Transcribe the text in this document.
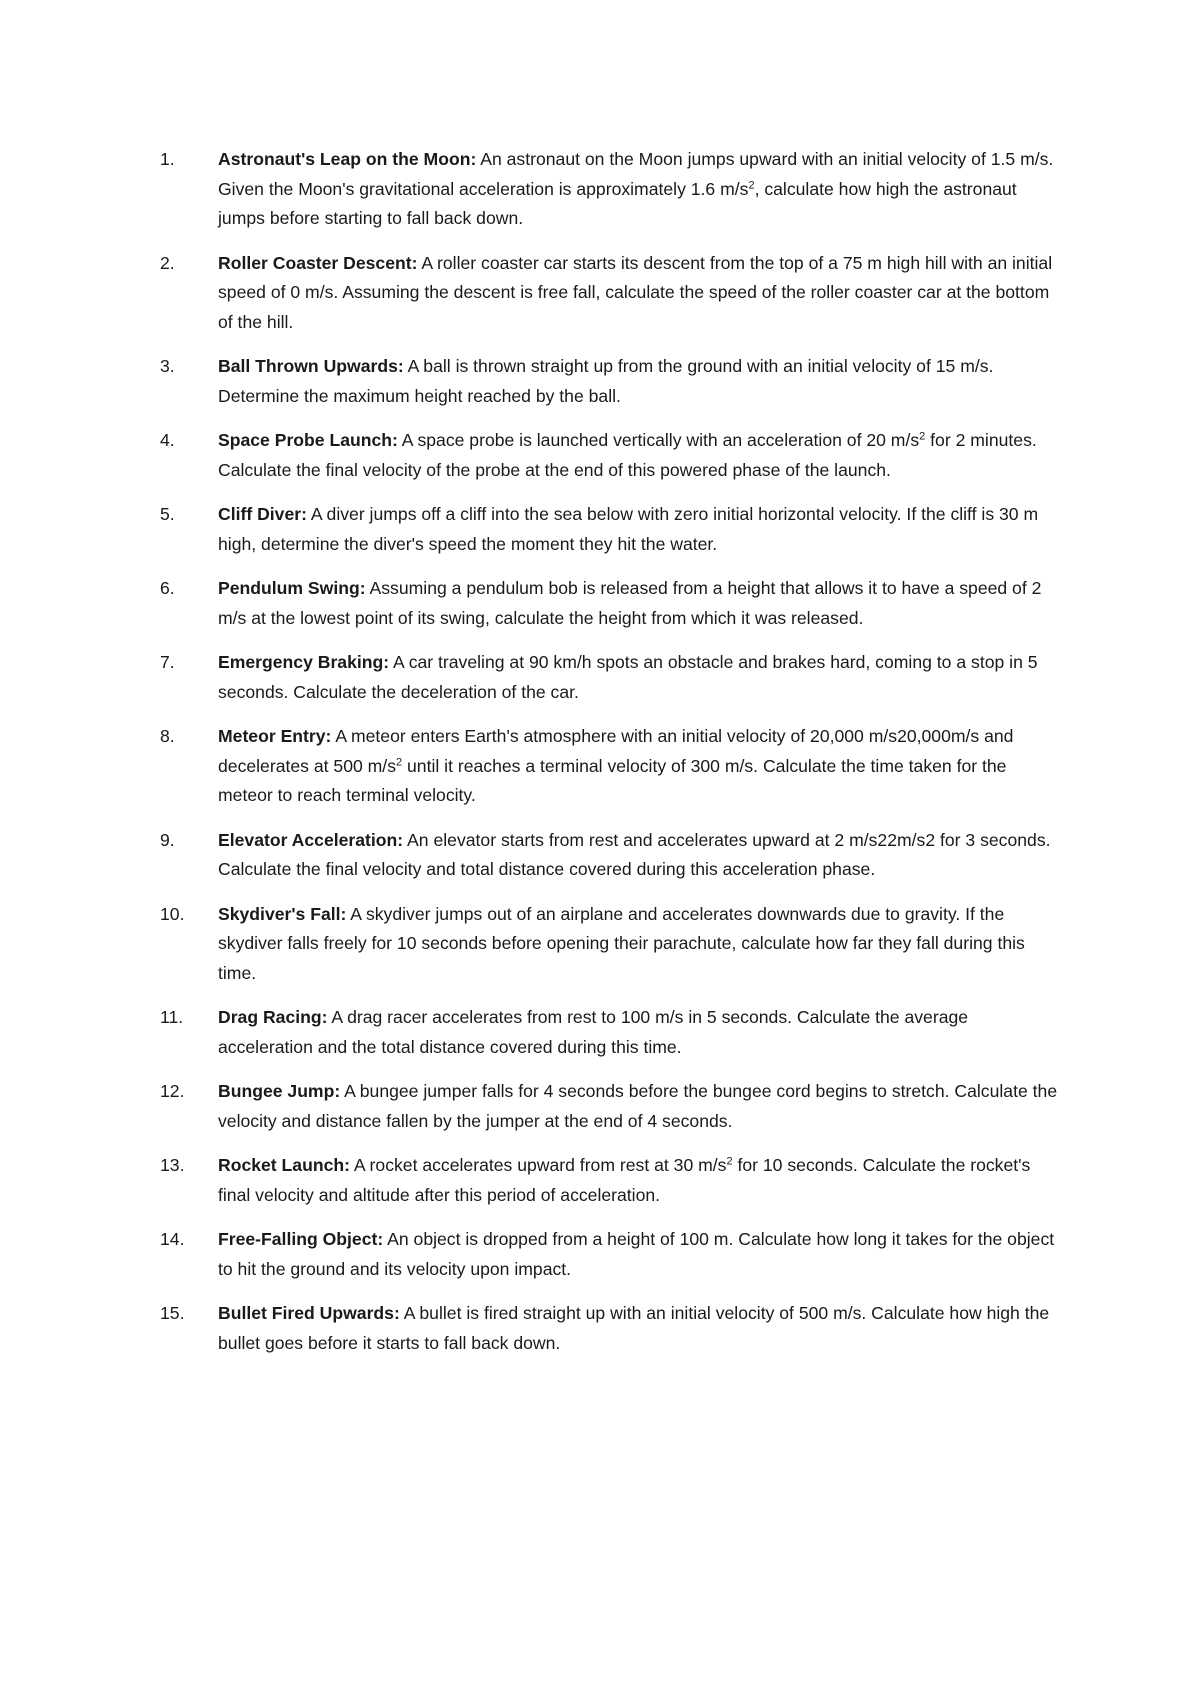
1.	Astronaut's Leap on the Moon: An astronaut on the Moon jumps upward with an initial velocity of 1.5 m/s. Given the Moon's gravitational acceleration is approximately 1.6 $m/s^2$, calculate how high the astronaut jumps before starting to fall back down.
2.	Roller Coaster Descent: A roller coaster car starts its descent from the top of a 75 m high hill with an initial speed of 0 m/s. Assuming the descent is free fall, calculate the speed of the roller coaster car at the bottom of the hill.
3.	Ball Thrown Upwards: A ball is thrown straight up from the ground with an initial velocity of 15 m/s. Determine the maximum height reached by the ball.
4.	Space Probe Launch: A space probe is launched vertically with an acceleration of 20 $m/s^2$ for 2 minutes. Calculate the final velocity of the probe at the end of this powered phase of the launch.
5.	Cliff Diver: A diver jumps off a cliff into the sea below with zero initial horizontal velocity. If the cliff is 30 m high, determine the diver's speed the moment they hit the water.
6.	Pendulum Swing: Assuming a pendulum bob is released from a height that allows it to have a speed of 2 m/s at the lowest point of its swing, calculate the height from which it was released.
7.	Emergency Braking: A car traveling at 90 km/h spots an obstacle and brakes hard, coming to a stop in 5 seconds. Calculate the deceleration of the car.
8.	Meteor Entry: A meteor enters Earth's atmosphere with an initial velocity of 20,000 m/s20,000m/s and decelerates at 500 $m/s^2$ until it reaches a terminal velocity of 300 m/s. Calculate the time taken for the meteor to reach terminal velocity.
9.	Elevator Acceleration: An elevator starts from rest and accelerates upward at 2 m/s22m/s2 for 3 seconds. Calculate the final velocity and total distance covered during this acceleration phase.
10.	Skydiver's Fall: A skydiver jumps out of an airplane and accelerates downwards due to gravity. If the skydiver falls freely for 10 seconds before opening their parachute, calculate how far they fall during this time.
11.	Drag Racing: A drag racer accelerates from rest to 100 m/s in 5 seconds. Calculate the average acceleration and the total distance covered during this time.
12.	Bungee Jump: A bungee jumper falls for 4 seconds before the bungee cord begins to stretch. Calculate the velocity and distance fallen by the jumper at the end of 4 seconds.
13.	Rocket Launch: A rocket accelerates upward from rest at 30 $m/s^2$ for 10 seconds. Calculate the rocket's final velocity and altitude after this period of acceleration.
14.	Free-Falling Object: An object is dropped from a height of 100 m. Calculate how long it takes for the object to hit the ground and its velocity upon impact.
15.	Bullet Fired Upwards: A bullet is fired straight up with an initial velocity of 500 m/s. Calculate how high the bullet goes before it starts to fall back down.
